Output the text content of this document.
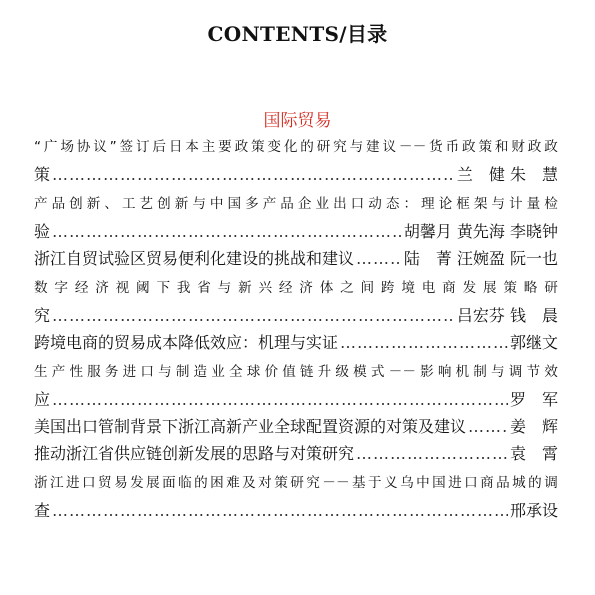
CONTENTS/目录
国际贸易
“广场协议”签订后日本主要政策变化的研究与建议－－货币政策和财政政
策 ………………………………………………………………………………………………………………	兰　健 朱　慧
产品创新、工艺创新与中国多产品企业出口动态：理论框架与计量检
验 ………………………………………………………………………………………………………………	胡馨月 黄先海 李晓钟
浙江自贸试验区贸易便利化建设的挑战和建议 ………………………………………………………………………………………………………………	陆　菁 汪婉盈 阮一也
数字经济视阈下我省与新兴经济体之间跨境电商发展策略研
究 ………………………………………………………………………………………………………………	吕宏芬 钱　晨
跨境电商的贸易成本降低效应：机理与实证 ………………………………………………………………………………………………………………	郭继文
生产性服务进口与制造业全球价值链升级模式－－影响机制与调节效
应 ………………………………………………………………………………………………………………	罗　军
美国出口管制背景下浙江高新产业全球配置资源的对策及建议 ………………………………………………………………………………………………………………	姜　辉
推动浙江省供应链创新发展的思路与对策研究 ………………………………………………………………………………………………………………	袁　霄
浙江进口贸易发展面临的困难及对策研究－－基于义乌中国进口商品城的调
查 ………………………………………………………………………………………………………………	邢承设
